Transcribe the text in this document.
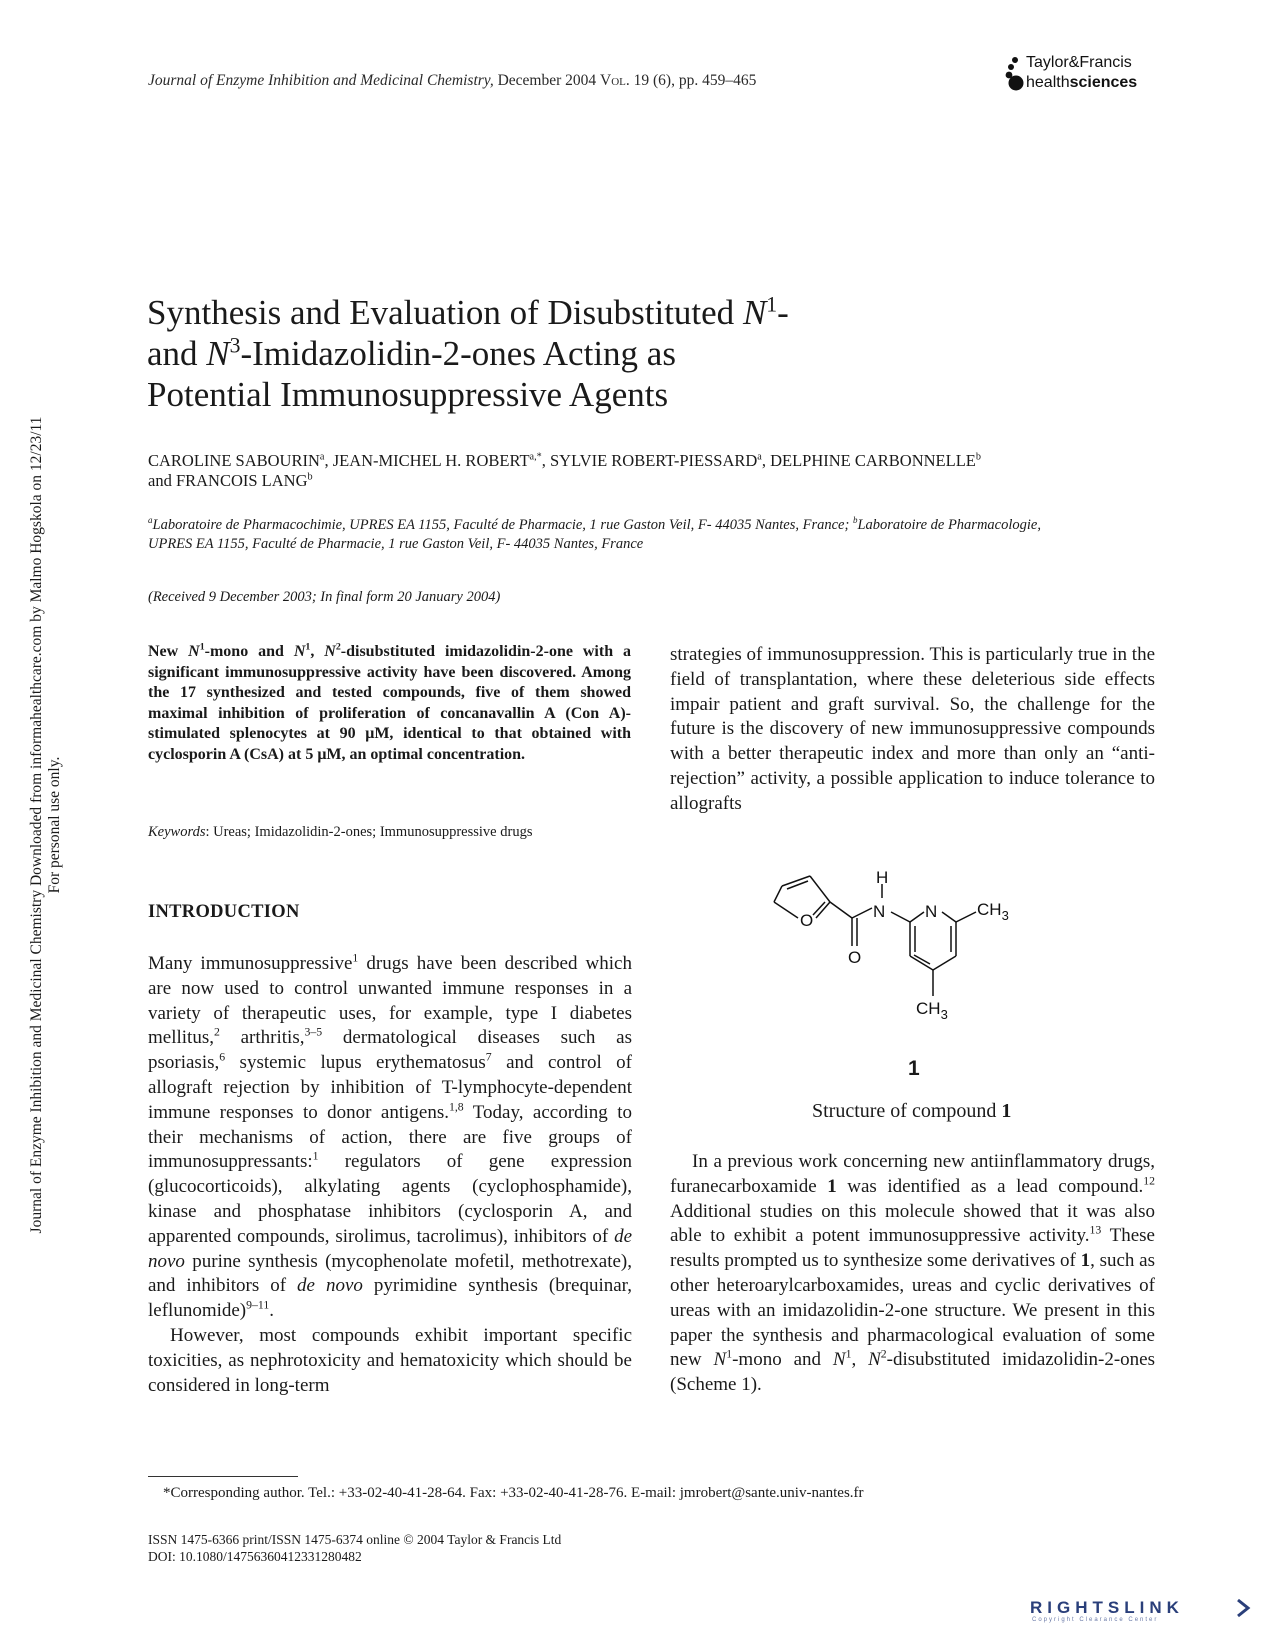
Journal of Enzyme Inhibition and Medicinal Chemistry Downloaded from informahealthcare.com by Malmo Hogskola on 12/23/11 For personal use only.
Journal of Enzyme Inhibition and Medicinal Chemistry, December 2004 Vol. 19 (6), pp. 459–465
Taylor&Francis
healthsciences
Synthesis and Evaluation of Disubstituted $N^1-$
and $N^3-Imidazolidin-2$-ones Acting as
Potential Immunosuppressive Agents
CAROLINE SABOURIN$^a$, JEAN-MICHEL H. $ROBERT^{a,*}$, SYLVIE ROBERT-PIESSARD$^a$, DELPHINE CARBONNELLE$^b$
and FRANCOIS LANG$^b$
$^a$Laboratoire de Pharmacochimie, UPRES EA 1155, Faculté de Pharmacie, 1 rue Gaston Veil, F- 44035 Nantes, France; $^b$Laboratoire de Pharmacologie,
UPRES EA 1155, Faculté de Pharmacie, 1 rue Gaston Veil, F- 44035 Nantes, France
(Received 9 December 2003; In final form 20 January 2004)
New $N^1$-mono and $N^1$, $N^2$-disubstituted imidazolidin-2-one with a significant immunosuppressive activity have been discovered. Among the 17 synthesized and tested compounds, five of them showed maximal inhibition of proliferation of concanavallin A (Con A)- stimulated splenocytes at 90 μM, identical to that obtained with cyclosporin A (CsA) at 5 μM, an optimal concentration.
Keywords: Ureas; Imidazolidin-2-ones; Immunosuppressive drugs
INTRODUCTION

Many immunosuppressive$^1$ drugs have been described which are now used to control unwanted immune responses in a variety of therapeutic uses, for example, type I diabetes mellitus,$^2$ arthritis,$^{3-5}$ dermatological diseases such as psoriasis,$^6$ systemic lupus erythematosus$^7$ and control of allograft rejection by inhibition of T-lymphocyte-dependent immune responses to donor antigens.$^{1,8}$ Today, according to their mechanisms of action, there are five groups of immunosuppressants:$^1$ regulators of gene expression (glucocorticoids), alkylating agents (cyclophosphamide), kinase and phosphatase inhibitors (cyclosporin A, and apparented compounds, sirolimus, tacrolimus), inhibitors of de novo purine synthesis (mycophenolate mofetil, methotrexate), and inhibitors of de novo pyrimidine synthesis (brequinar, leflunomide)$^{9-11}$.

However, most compounds exhibit important specific toxicities, as nephrotoxicity and hematoxicity which should be considered in long-term

strategies of immunosuppression. This is particularly true in the field of transplantation, where these deleterious side effects impair patient and graft survival. So, the challenge for the future is the discovery of new immunosuppressive compounds with a better therapeutic index and more than only an “anti-rejection” activity, a possible application to induce tolerance to allografts

H
N N
O
O
$CH_3$
$CH_3$
1
Structure of compound 1

In a previous work concerning new antiinflammatory drugs, furanecarboxamide 1 was identified as a lead compound.$^{12}$ Additional studies on this molecule showed that it was also able to exhibit a potent immunosuppressive activity.$^{13}$ These results prompted us to synthesize some derivatives of 1, such as other heteroarylcarboxamides, ureas and cyclic derivatives of ureas with an imidazolidin-2-one structure. We present in this paper the synthesis and pharmacological evaluation of some new $N^1$-mono and $N^1$, $N^2$-disubstituted imidazolidin-2-ones (Scheme 1).

*Corresponding author. Tel.: +33-02-40-41-28-64. Fax: +33-02-40-41-28-76. E-mail: jmrobert@sante.univ-nantes.fr
ISSN 1475-6366 print/ISSN 1475-6374 online © 2004 Taylor & Francis Ltd
DOI: 10.1080/14756360412331280482
RIGHTSLINK
Copyright Clearance Center
